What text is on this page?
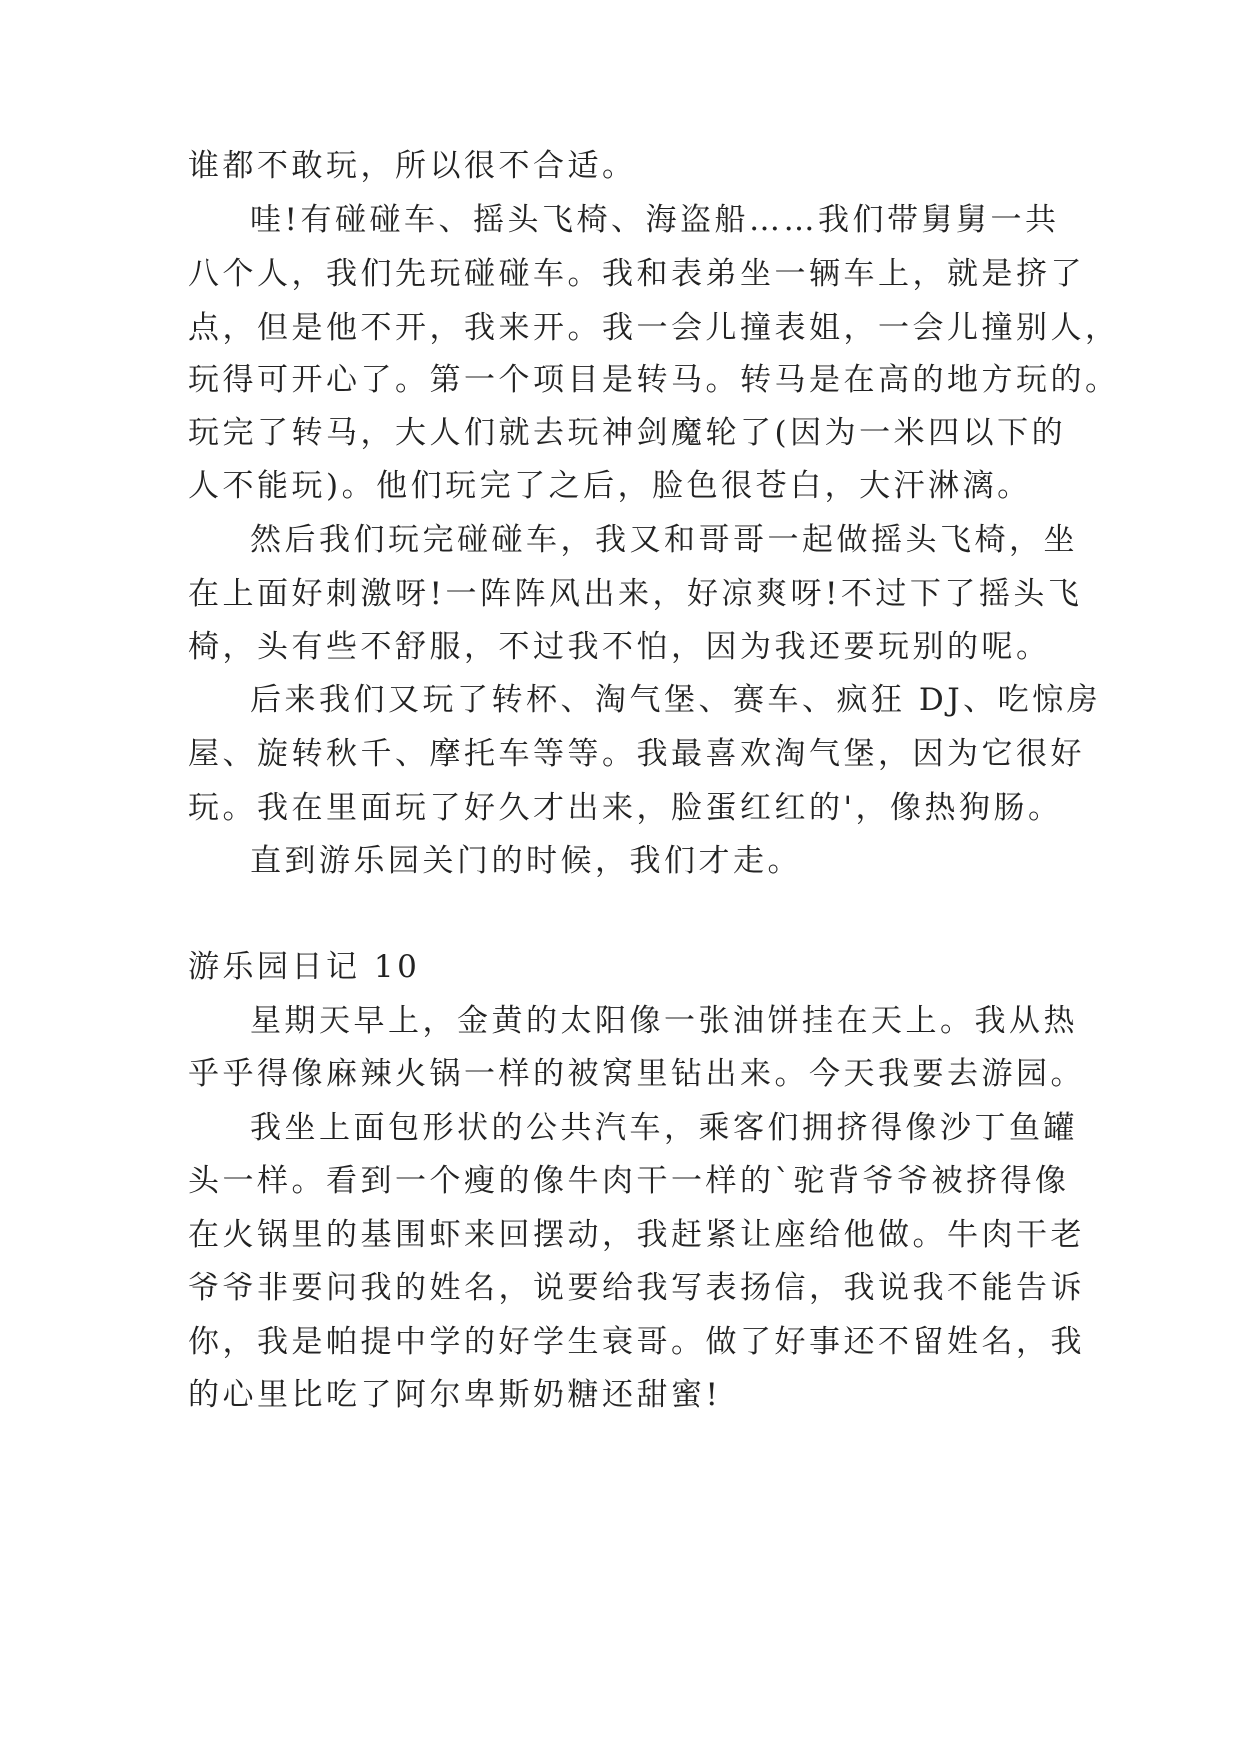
谁都不敢玩，所以很不合适。
哇!有碰碰车、摇头飞椅、海盗船……我们带舅舅一共
八个人，我们先玩碰碰车。我和表弟坐一辆车上，就是挤了
点，但是他不开，我来开。我一会儿撞表姐，一会儿撞别人，
玩得可开心了。第一个项目是转马。转马是在高的地方玩的。
玩完了转马，大人们就去玩神剑魔轮了(因为一米四以下的
人不能玩)。他们玩完了之后，脸色很苍白，大汗淋漓。
然后我们玩完碰碰车，我又和哥哥一起做摇头飞椅，坐
在上面好刺激呀!一阵阵风出来，好凉爽呀!不过下了摇头飞
椅，头有些不舒服，不过我不怕，因为我还要玩别的呢。
后来我们又玩了转杯、淘气堡、赛车、疯狂 DJ、吃惊房
屋、旋转秋千、摩托车等等。我最喜欢淘气堡，因为它很好
玩。我在里面玩了好久才出来，脸蛋红红的'，像热狗肠。
直到游乐园关门的时候，我们才走。
游乐园日记 10
星期天早上，金黄的太阳像一张油饼挂在天上。我从热
乎乎得像麻辣火锅一样的被窝里钻出来。今天我要去游园。
我坐上面包形状的公共汽车，乘客们拥挤得像沙丁鱼罐
头一样。看到一个瘦的像牛肉干一样的`驼背爷爷被挤得像
在火锅里的基围虾来回摆动，我赶紧让座给他做。牛肉干老
爷爷非要问我的姓名，说要给我写表扬信，我说我不能告诉
你，我是帕提中学的好学生衰哥。做了好事还不留姓名，我
的心里比吃了阿尔卑斯奶糖还甜蜜!
